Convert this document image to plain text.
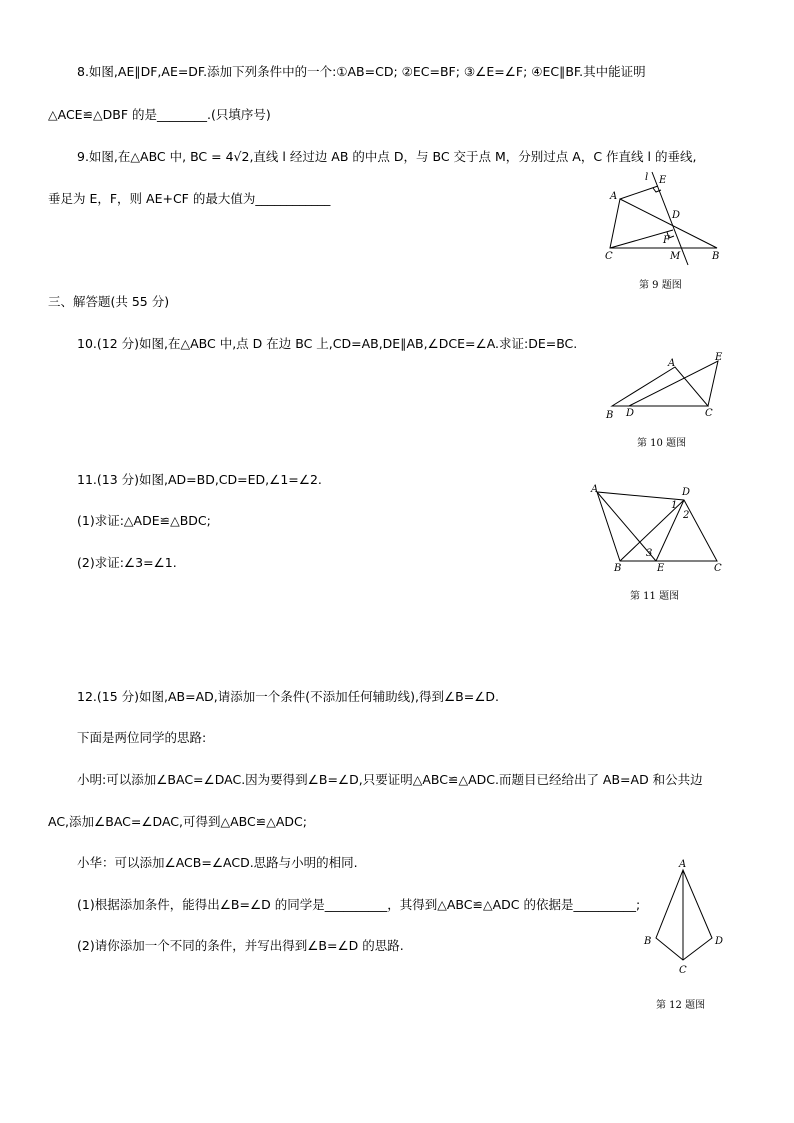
8.如图,AE∥DF,AE=DF.添加下列条件中的一个:①AB=CD; ②EC=BF; ③∠E=∠F; ④EC∥BF.其中能证明
△ACE≌△DBF 的是________.(只填序号)
9.如图,在△ABC 中, BC = 4√2,直线 l 经过边 AB 的中点 D，与 BC 交于点 M，分别过点 A，C 作直线 l 的垂线,
垂足为 E，F，则 AE+CF 的最大值为____________
l E
A
D
F
C	M	B
第 9 题图
三、解答题(共 55 分)
10.(12 分)如图,在△ABC 中,点 D 在边 BC 上,CD=AB,DE∥AB,∠DCE=∠A.求证:DE=BC.
A
E
B D	C
第 10 题图
11.(13 分)如图,AD=BD,CD=ED,∠1=∠2.
(1)求证:△ADE≌△BDC;
(2)求证:∠3=∠1.
A	D
1
2
3
B	E	C
第 11 题图
12.(15 分)如图,AB=AD,请添加一个条件(不添加任何辅助线),得到∠B=∠D.
下面是两位同学的思路:
小明:可以添加∠BAC=∠DAC.因为要得到∠B=∠D,只要证明△ABC≌△ADC.而题目已经给出了 AB=AD 和公共边
AC,添加∠BAC=∠DAC,可得到△ABC≌△ADC;
小华：可以添加∠ACB=∠ACD.思路与小明的相同.
(1)根据添加条件，能得出∠B=∠D 的同学是__________，其得到△ABC≌△ADC 的依据是__________;
(2)请你添加一个不同的条件，并写出得到∠B=∠D 的思路.
A
B	D
C
第 12 题图
